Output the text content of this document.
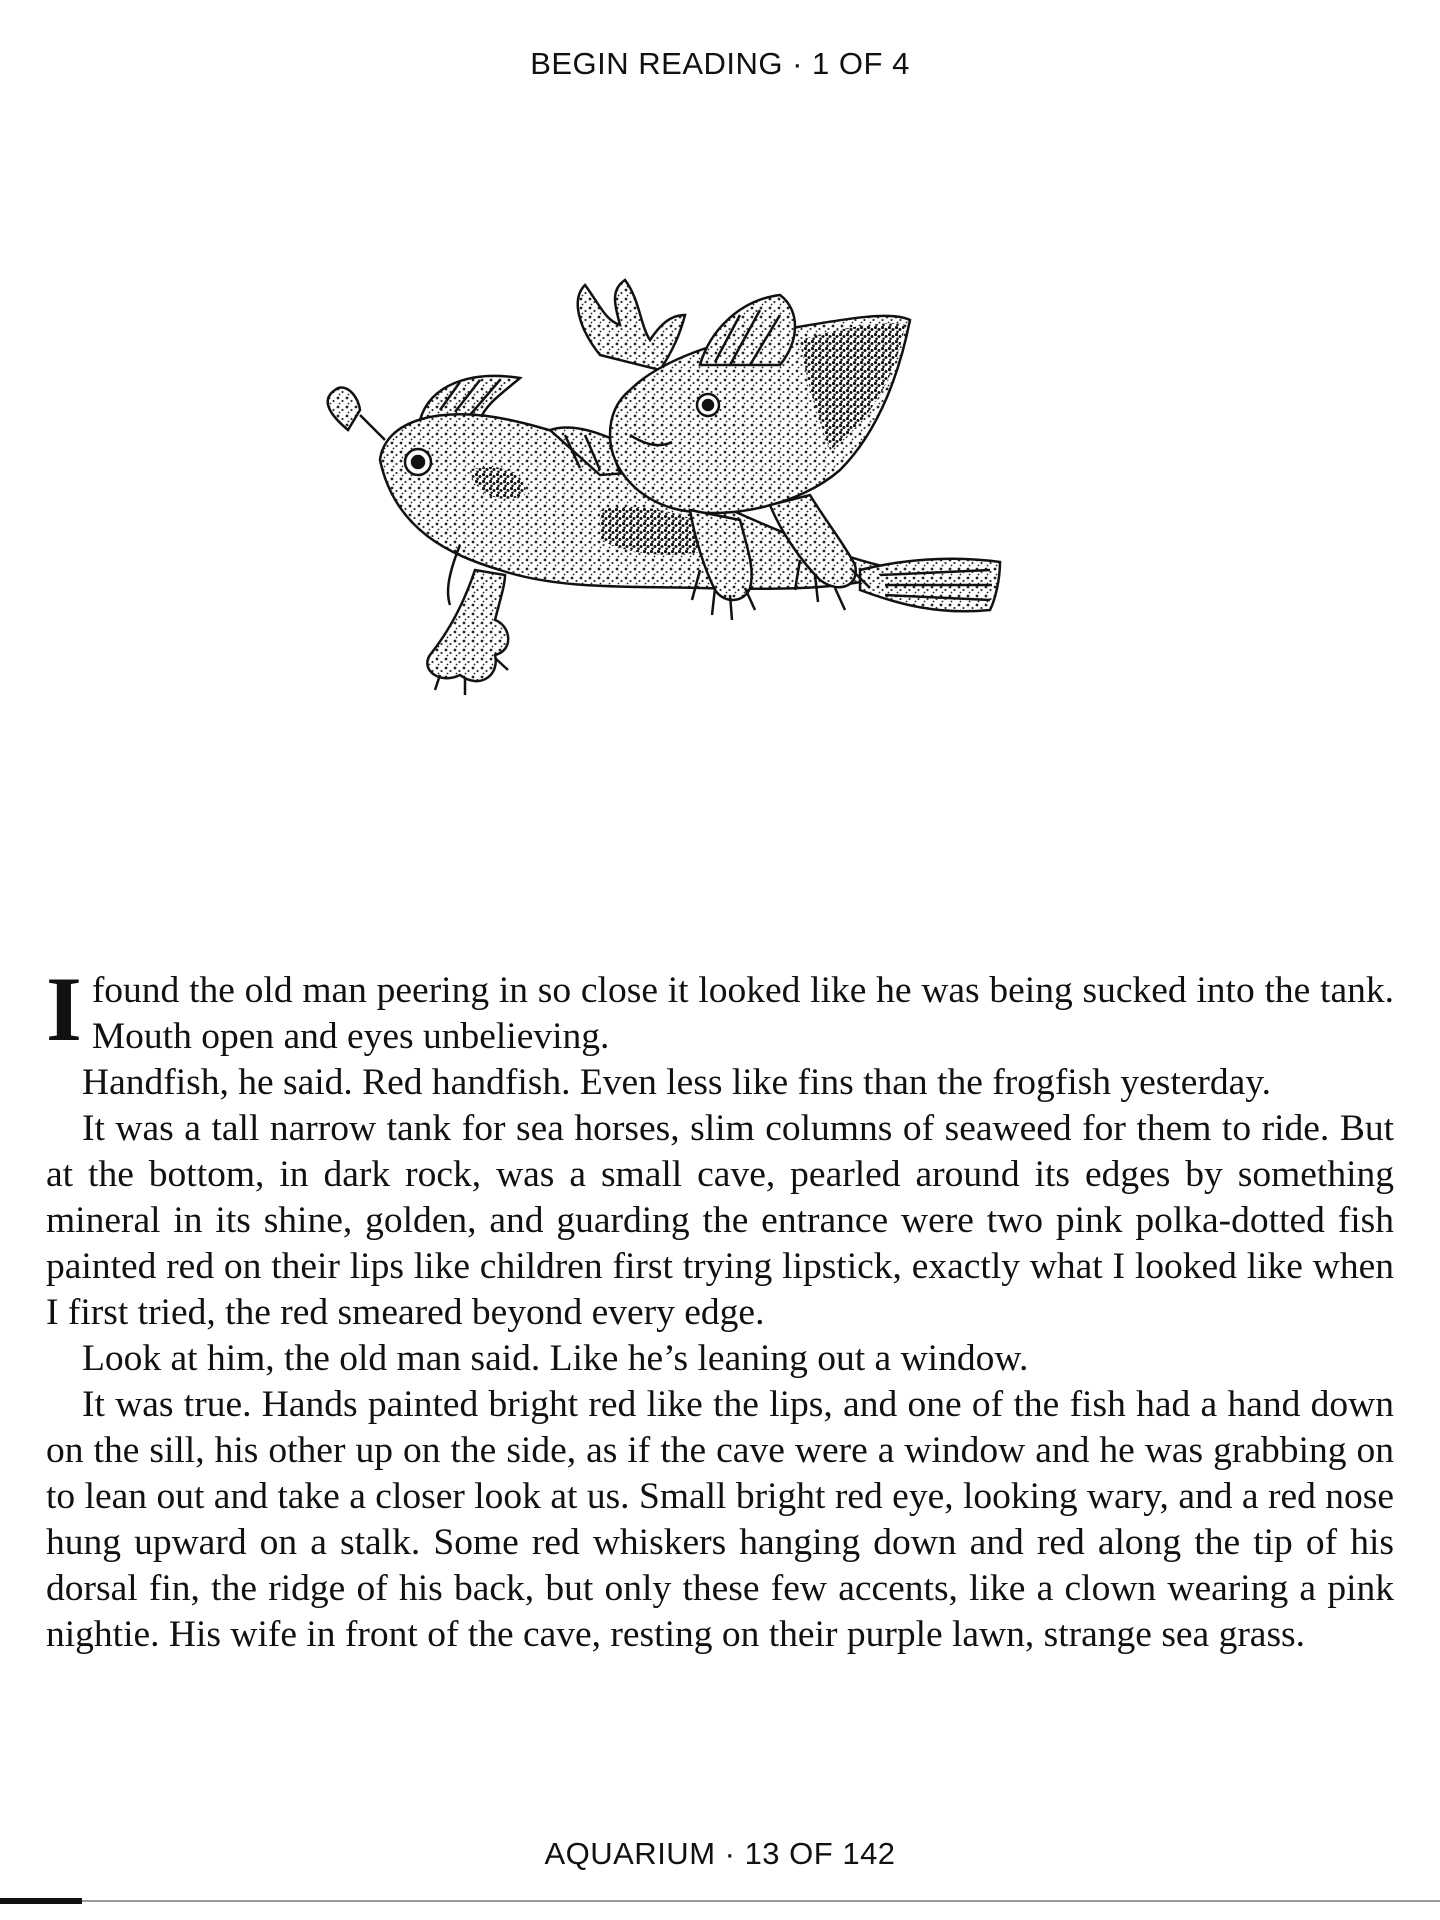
BEGIN READING · 1 OF 4

I found the old man peering in so close it looked like he was being sucked into the tank. Mouth open and eyes unbelieving.

Handfish, he said. Red handfish. Even less like fins than the frogfish yesterday.

It was a tall narrow tank for sea horses, slim columns of seaweed for them to ride. But at the bottom, in dark rock, was a small cave, pearled around its edges by something mineral in its shine, golden, and guarding the entrance were two pink polka-dotted fish painted red on their lips like children first trying lipstick, exactly what I looked like when I first tried, the red smeared beyond every edge.

Look at him, the old man said. Like he’s leaning out a window.

It was true. Hands painted bright red like the lips, and one of the fish had a hand down on the sill, his other up on the side, as if the cave were a window and he was grabbing on to lean out and take a closer look at us. Small bright red eye, looking wary, and a red nose hung upward on a stalk. Some red whiskers hanging down and red along the tip of his dorsal fin, the ridge of his back, but only these few accents, like a clown wearing a pink nightie. His wife in front of the cave, resting on their purple lawn, strange sea grass.

AQUARIUM · 13 OF 142
